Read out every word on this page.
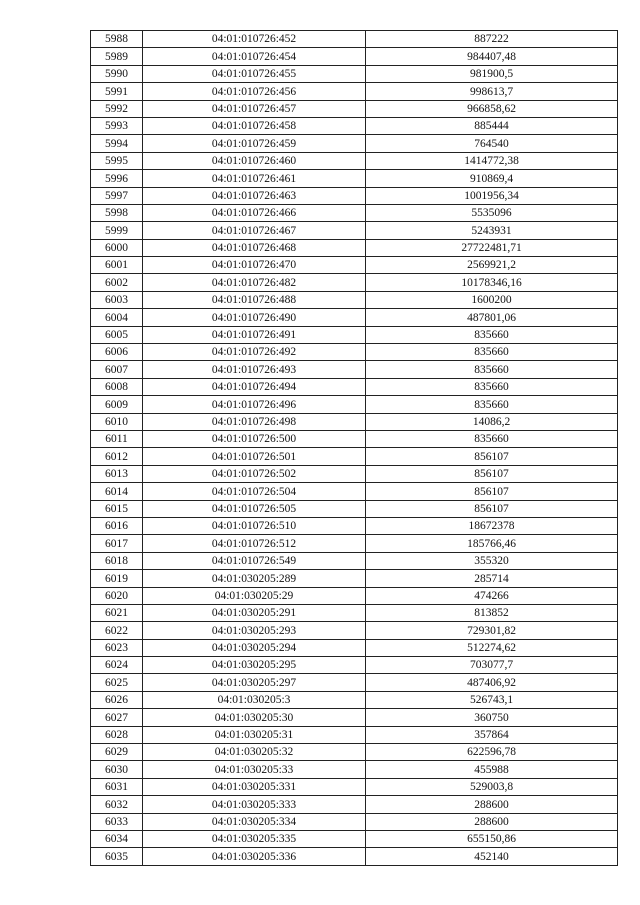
5988	04:01:010726:452	887222
5989	04:01:010726:454	984407,48
5990	04:01:010726:455	981900,5
5991	04:01:010726:456	998613,7
5992	04:01:010726:457	966858,62
5993	04:01:010726:458	885444
5994	04:01:010726:459	764540
5995	04:01:010726:460	1414772,38
5996	04:01:010726:461	910869,4
5997	04:01:010726:463	1001956,34
5998	04:01:010726:466	5535096
5999	04:01:010726:467	5243931
6000	04:01:010726:468	27722481,71
6001	04:01:010726:470	2569921,2
6002	04:01:010726:482	10178346,16
6003	04:01:010726:488	1600200
6004	04:01:010726:490	487801,06
6005	04:01:010726:491	835660
6006	04:01:010726:492	835660
6007	04:01:010726:493	835660
6008	04:01:010726:494	835660
6009	04:01:010726:496	835660
6010	04:01:010726:498	14086,2
6011	04:01:010726:500	835660
6012	04:01:010726:501	856107
6013	04:01:010726:502	856107
6014	04:01:010726:504	856107
6015	04:01:010726:505	856107
6016	04:01:010726:510	18672378
6017	04:01:010726:512	185766,46
6018	04:01:010726:549	355320
6019	04:01:030205:289	285714
6020	04:01:030205:29	474266
6021	04:01:030205:291	813852
6022	04:01:030205:293	729301,82
6023	04:01:030205:294	512274,62
6024	04:01:030205:295	703077,7
6025	04:01:030205:297	487406,92
6026	04:01:030205:3	526743,1
6027	04:01:030205:30	360750
6028	04:01:030205:31	357864
6029	04:01:030205:32	622596,78
6030	04:01:030205:33	455988
6031	04:01:030205:331	529003,8
6032	04:01:030205:333	288600
6033	04:01:030205:334	288600
6034	04:01:030205:335	655150,86
6035	04:01:030205:336	452140
